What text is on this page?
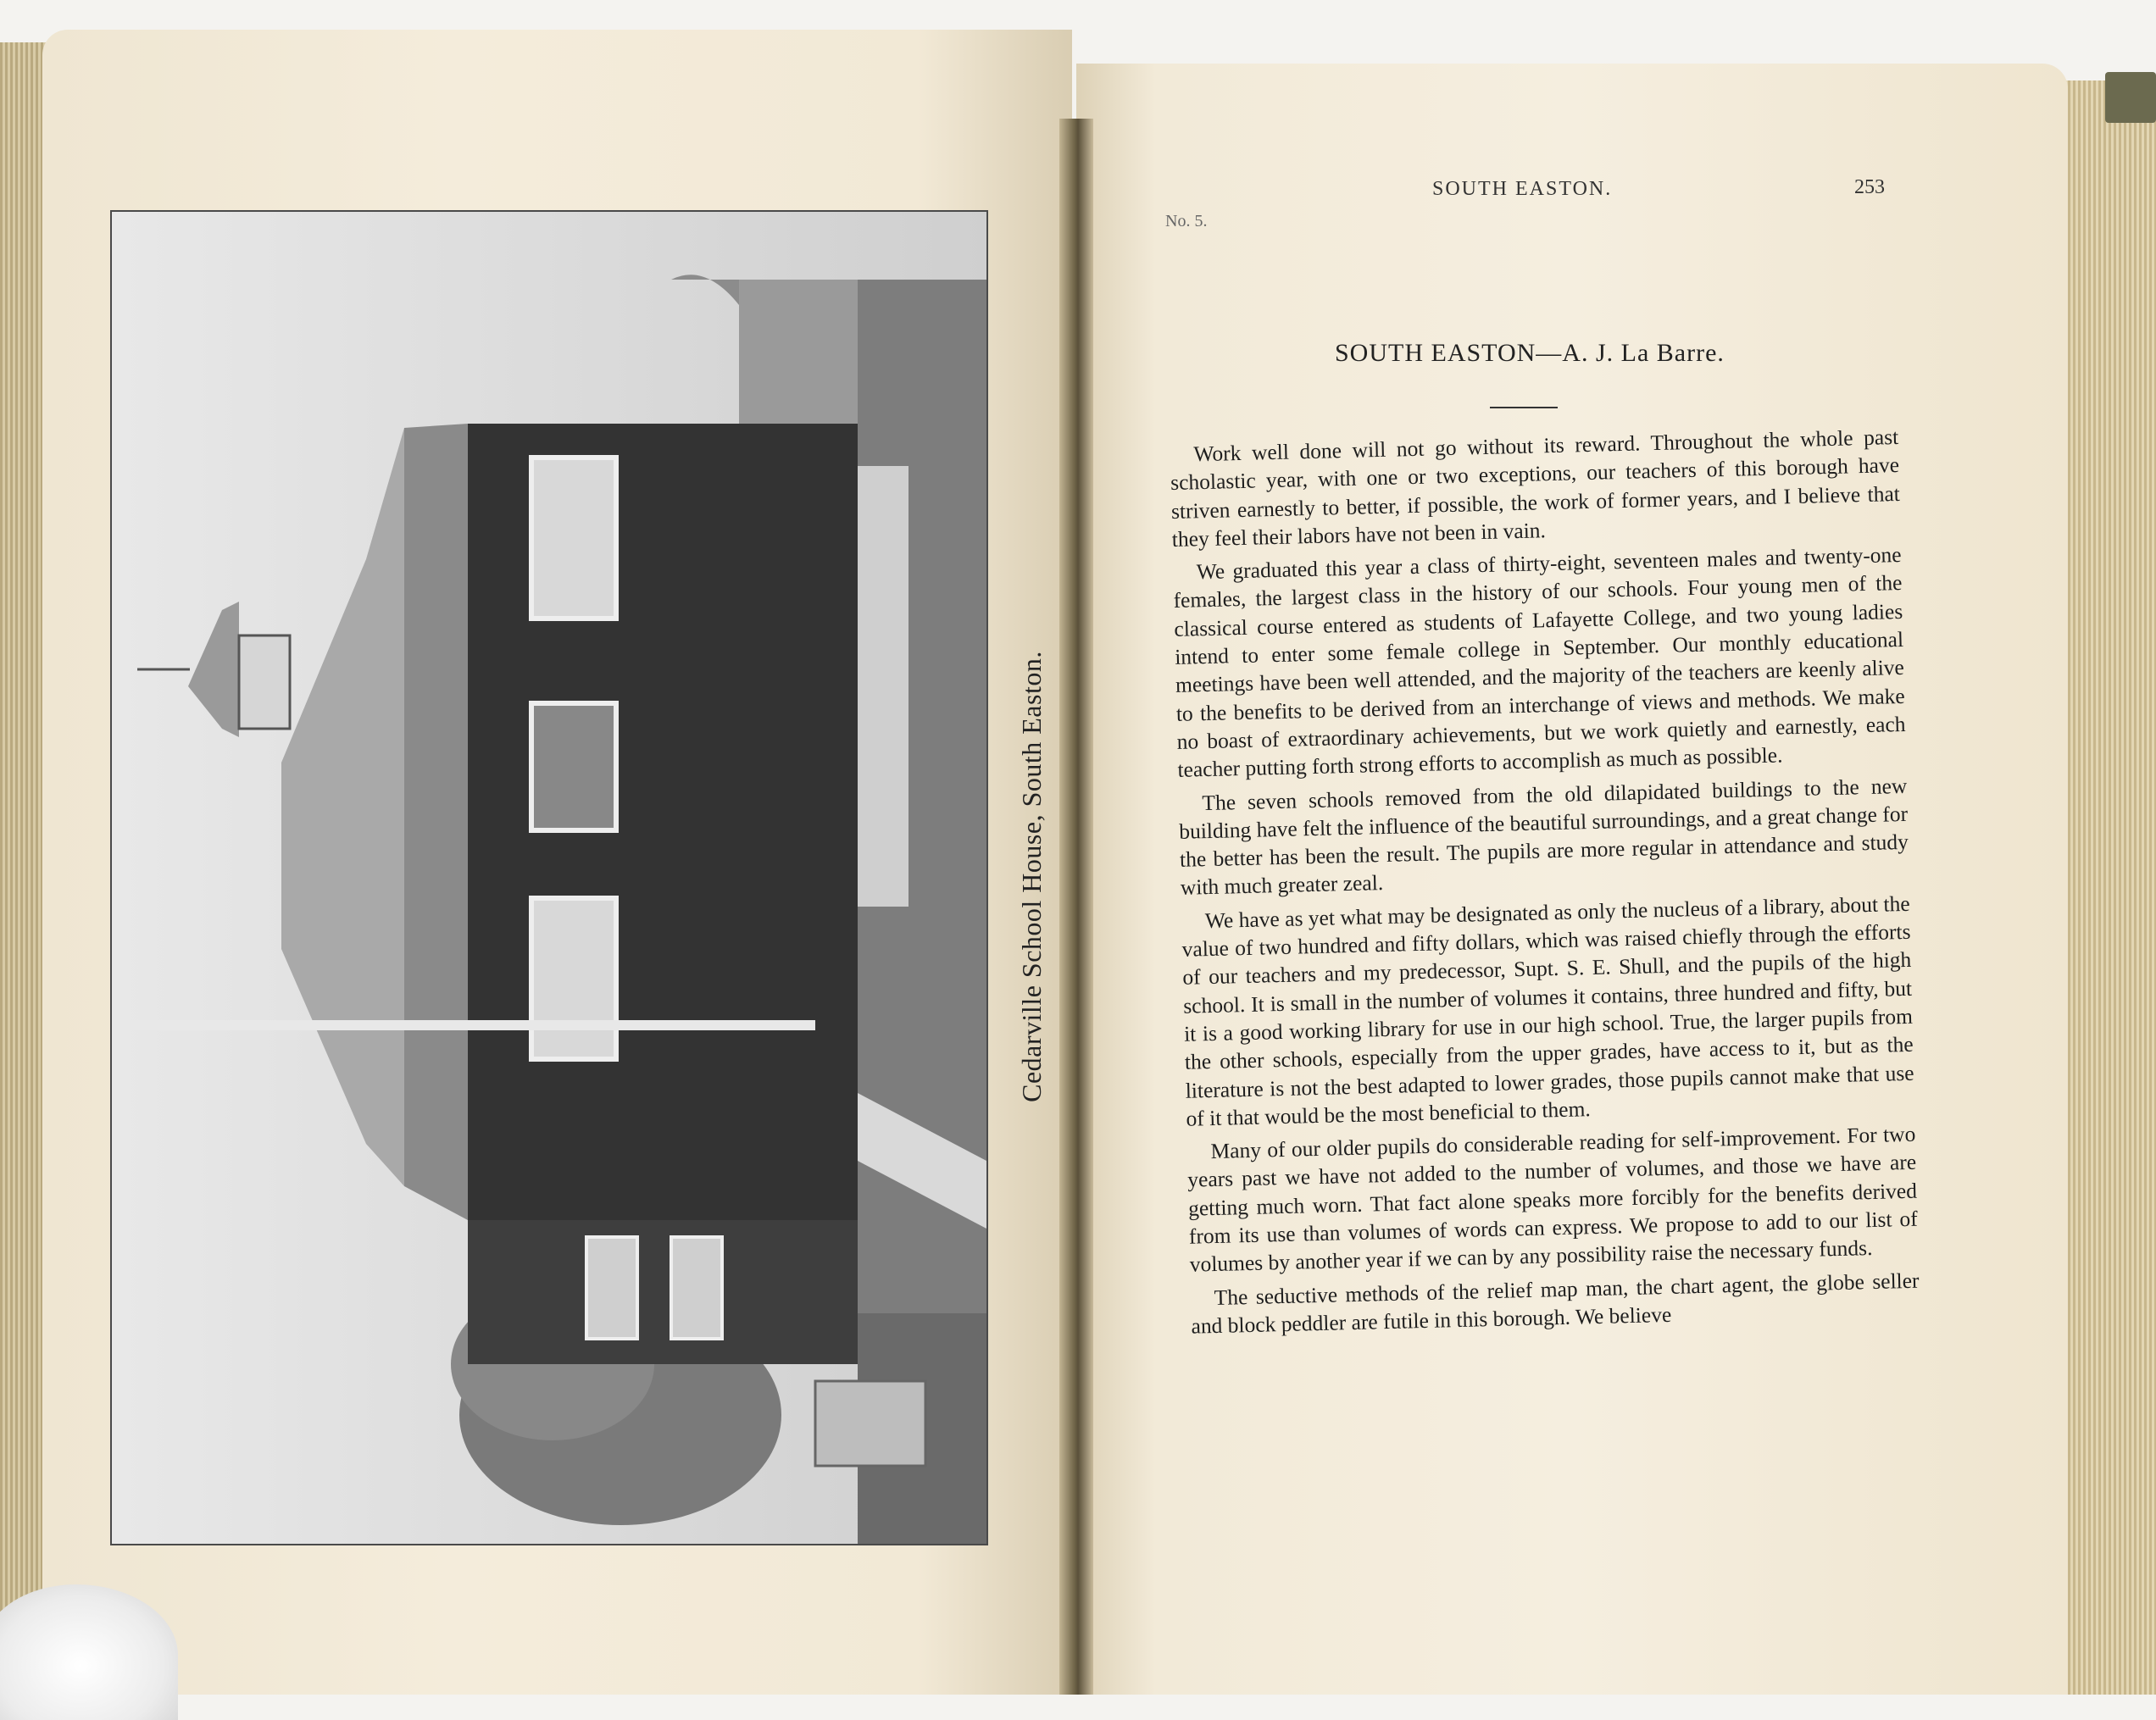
Cedarville School House, South Easton.
No. 5.
SOUTH EASTON.	253
SOUTH EASTON—A. J. La Barre.

Work well done will not go without its reward. Throughout the whole past scholastic year, with one or two exceptions, our teachers of this borough have striven earnestly to better, if possible, the work of former years, and I believe that they feel their labors have not been in vain.

We graduated this year a class of thirty-eight, seventeen males and twenty-one females, the largest class in the history of our schools. Four young men of the classical course entered as students of Lafayette College, and two young ladies intend to enter some female college in September. Our monthly educational meetings have been well attended, and the majority of the teachers are keenly alive to the benefits to be derived from an interchange of views and methods. We make no boast of extraordinary achievements, but we work quietly and earnestly, each teacher putting forth strong efforts to accomplish as much as possible.

The seven schools removed from the old dilapidated buildings to the new building have felt the influence of the beautiful surroundings, and a great change for the better has been the result. The pupils are more regular in attendance and study with much greater zeal.

We have as yet what may be designated as only the nucleus of a library, about the value of two hundred and fifty dollars, which was raised chiefly through the efforts of our teachers and my predecessor, Supt. S. E. Shull, and the pupils of the high school. It is small in the number of volumes it contains, three hundred and fifty, but it is a good working library for use in our high school. True, the larger pupils from the other schools, especially from the upper grades, have access to it, but as the literature is not the best adapted to lower grades, those pupils cannot make that use of it that would be the most beneficial to them.

Many of our older pupils do considerable reading for self-improvement. For two years past we have not added to the number of volumes, and those we have are getting much worn. That fact alone speaks more forcibly for the benefits derived from its use than volumes of words can express. We propose to add to our list of volumes by another year if we can by any possibility raise the necessary funds.

The seductive methods of the relief map man, the chart agent, the globe seller and block peddler are futile in this borough. We believe
